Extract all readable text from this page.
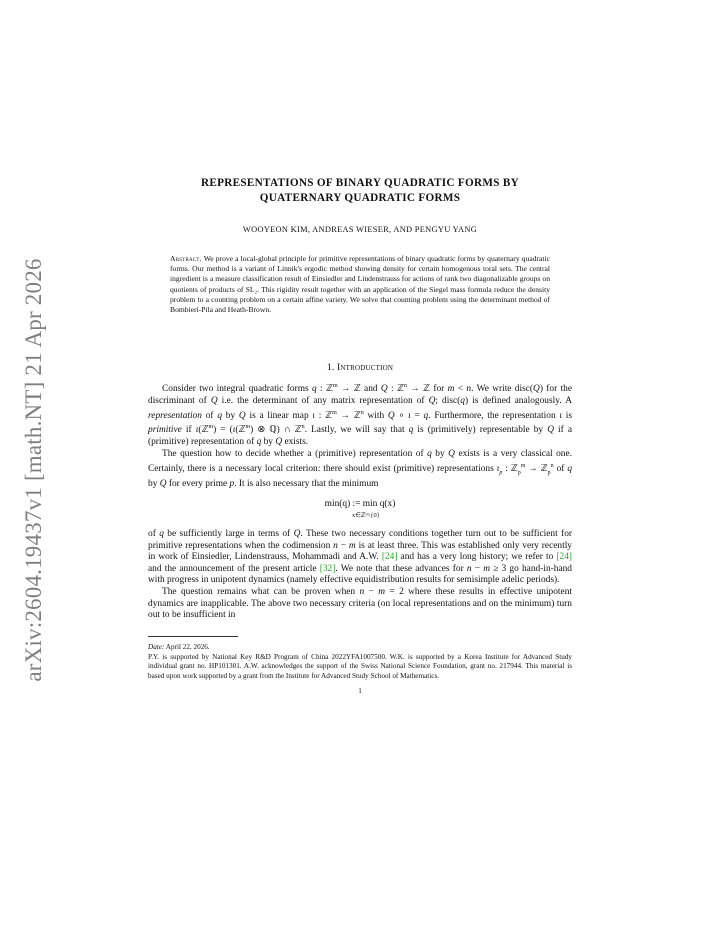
arXiv:2604.19437v1 [math.NT] 21 Apr 2026
REPRESENTATIONS OF BINARY QUADRATIC FORMS BY
QUATERNARY QUADRATIC FORMS
WOOYEON KIM, ANDREAS WIESER, AND PENGYU YANG
Abstract. We prove a local-global principle for primitive representations of binary quadratic forms by quaternary quadratic forms. Our method is a variant of Linnik's ergodic method showing density for certain homogenous toral sets. The central ingredient is a measure classification result of Einsiedler and Lindenstrauss for actions of rank two diagonalizable groups on quotients of products of SL₂. This rigidity result together with an application of the Siegel mass formula reduce the density problem to a counting problem on a certain affine variety. We solve that counting problem using the determinant method of Bombieri-Pila and Heath-Brown.
1. Introduction

Consider two integral quadratic forms q : ℤ$^m$ → ℤ and Q : ℤ$^n$ → ℤ for m < n. We write disc(Q) for the discriminant of Q i.e. the determinant of any matrix representation of Q; disc(q) is defined analogously. A representation of q by Q is a linear map ι : ℤ$^m$ → ℤ$^n$ with Q ∘ ι = q. Furthermore, the representation ι is primitive if ι(ℤ$^m$) = (ι(ℤ$^m$) ⊗ ℚ) ∩ ℤ$^n$. Lastly, we will say that q is (primitively) representable by Q if a (primitive) representation of q by Q exists.

The question how to decide whether a (primitive) representation of q by Q exists is a very classical one. Certainly, there is a necessary local criterion: there should exist (primitive) representations $\iota_p$ : ℤ$_p^m$ → ℤ$_p^n$ of q by Q for every prime p. It is also necessary that the minimum

min(q) := min q(x)
x∈ℤᵐ\{0}

of q be sufficiently large in terms of Q. These two necessary conditions together turn out to be sufficient for primitive representations when the codimension n − m is at least three. This was established only very recently in work of Einsiedler, Lindenstrauss, Mohammadi and A.W. [24] and has a very long history; we refer to [24] and the announcement of the present article [32]. We note that these advances for n − m ≥ 3 go hand-in-hand with progress in unipotent dynamics (namely effective equidistribution results for semisimple adelic periods).

The question remains what can be proven when n − m = 2 where these results in effective unipotent dynamics are inapplicable. The above two necessary criteria (on local representations and on the minimum) turn out to be insufficient in

Date: April 22, 2026.
P.Y. is supported by National Key R&D Program of China 2022YFA1007500. W.K. is supported by a Korea Institute for Advanced Study individual grant no. HP101301. A.W. acknowledges the support of the Swiss National Science Foundation, grant no. 217944. This material is based upon work supported by a grant from the Institute for Advanced Study School of Mathematics.
1
